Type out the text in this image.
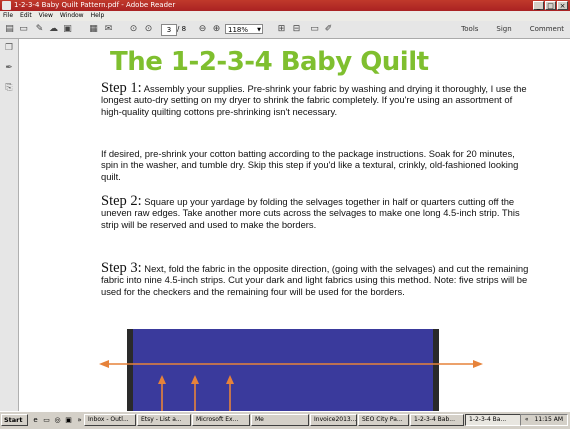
1-2-3-4 Baby Quilt Pattern.pdf - Adobe Reader	_ □ ×
File Edit View Window Help
▤ ▭ ✎ ☁ ▣ ▦ ✉ ⊙ ⊙	3 / 8 ⊖ ⊕	118% ▼ ⊞ ⊟ ▭ ✐	Tools	Sign	Comment
❐
✒
⎘
The 1-2-3-4 Baby Quilt

Step 1: Assembly your supplies. Pre-shrink your fabric by washing and drying it thoroughly, I use the longest auto-dry setting on my dryer to shrink the fabric completely. If you're using an assortment of high-quality quilting cottons pre-shrinking isn't necessary.

If desired, pre-shrink your cotton batting according to the package instructions. Soak for 20 minutes, spin in the washer, and tumble dry. Skip this step if you'd like a textural, crinkly, old-fashioned looking quilt.

Step 2: Square up your yardage by folding the selvages together in half or quarters cutting off the uneven raw edges. Take another more cuts across the selvages to make one long 4.5-inch strip. This strip will be reserved and used to make the borders.

Step 3: Next, fold the fabric in the opposite direction, (going with the selvages) and cut the remaining fabric into nine 4.5-inch strips. Cut your dark and light fabrics using this method. Note: five strips will be used for the checkers and the remaining four will be used for the borders.

Start	e ▭ ◎ ▣ »	Inbox - Outl...	Etsy - List a...	Microsoft Ex...	Me	Invoice2013... SEO City Pa...	1-2-3-4 Bab...	1-2-3-4 Ba...	« 11:15 AM
